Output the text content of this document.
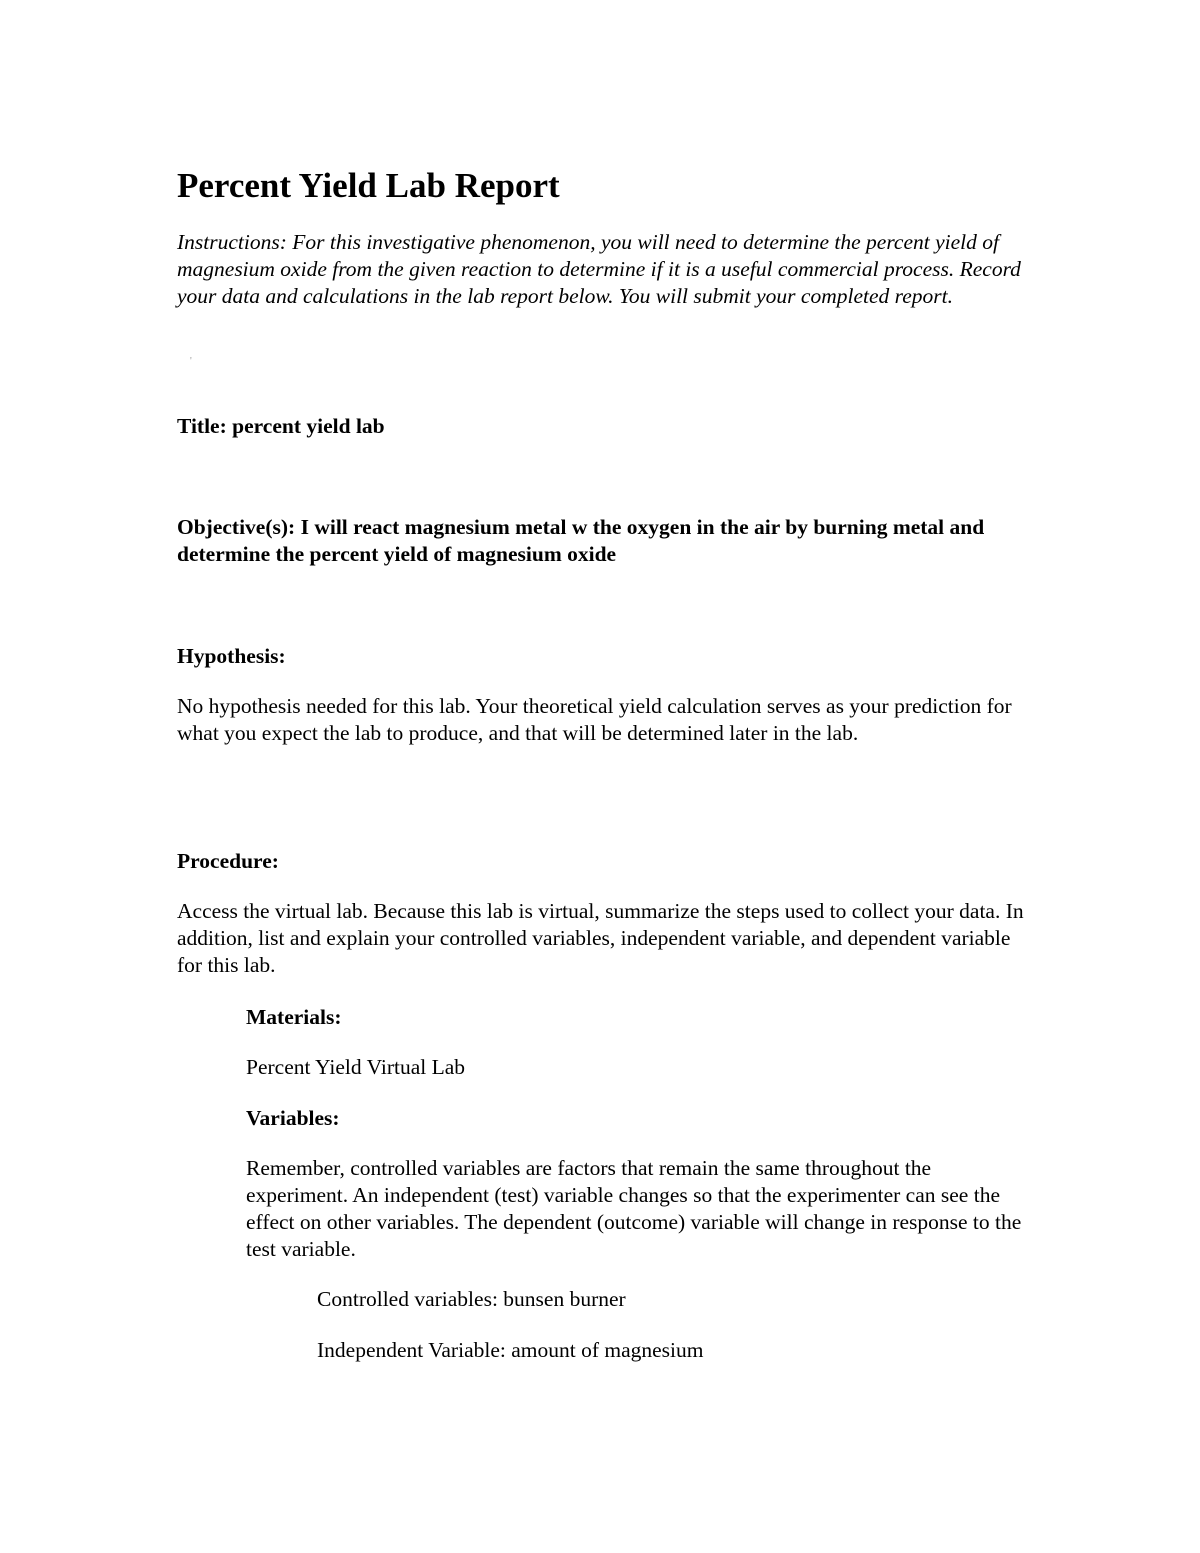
Percent Yield Lab Report

Instructions: For this investigative phenomenon, you will need to determine the percent yield of magnesium oxide from the given reaction to determine if it is a useful commercial process. Record your data and calculations in the lab report below. You will submit your completed report.

'

Title: percent yield lab

Objective(s): I will react magnesium metal w the oxygen in the air by burning metal and determine the percent yield of magnesium oxide

Hypothesis:

No hypothesis needed for this lab. Your theoretical yield calculation serves as your prediction for what you expect the lab to produce, and that will be determined later in the lab.

Procedure:

Access the virtual lab. Because this lab is virtual, summarize the steps used to collect your data. In addition, list and explain your controlled variables, independent variable, and dependent variable for this lab.

Materials:

Percent Yield Virtual Lab

Variables:

Remember, controlled variables are factors that remain the same throughout the experiment. An independent (test) variable changes so that the experimenter can see the effect on other variables. The dependent (outcome) variable will change in response to the test variable.

Controlled variables: bunsen burner

Independent Variable: amount of magnesium
